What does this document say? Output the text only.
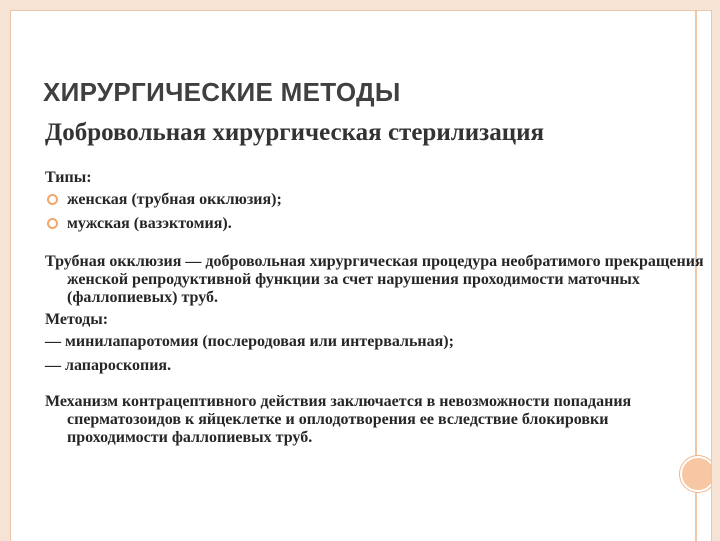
ХИРУРГИЧЕСКИЕ МЕТОДЫ
Добровольная хирургическая стерилизация
Типы:
женская (трубная окклюзия);
мужская (вазэктомия).
Трубная окклюзия — добровольная хирургическая процедура необратимого прекращения женской репродуктивной функции за счет нарушения проходимости маточных (фаллопиевых) труб.
Методы:
— минилапаротомия (послеродовая или интервальная);
— лапароскопия.
Механизм контрацептивного действия заключается в невозможности попадания сперматозоидов к яйцеклетке и оплодотворения ее вследствие блокировки проходимости фаллопиевых труб.
